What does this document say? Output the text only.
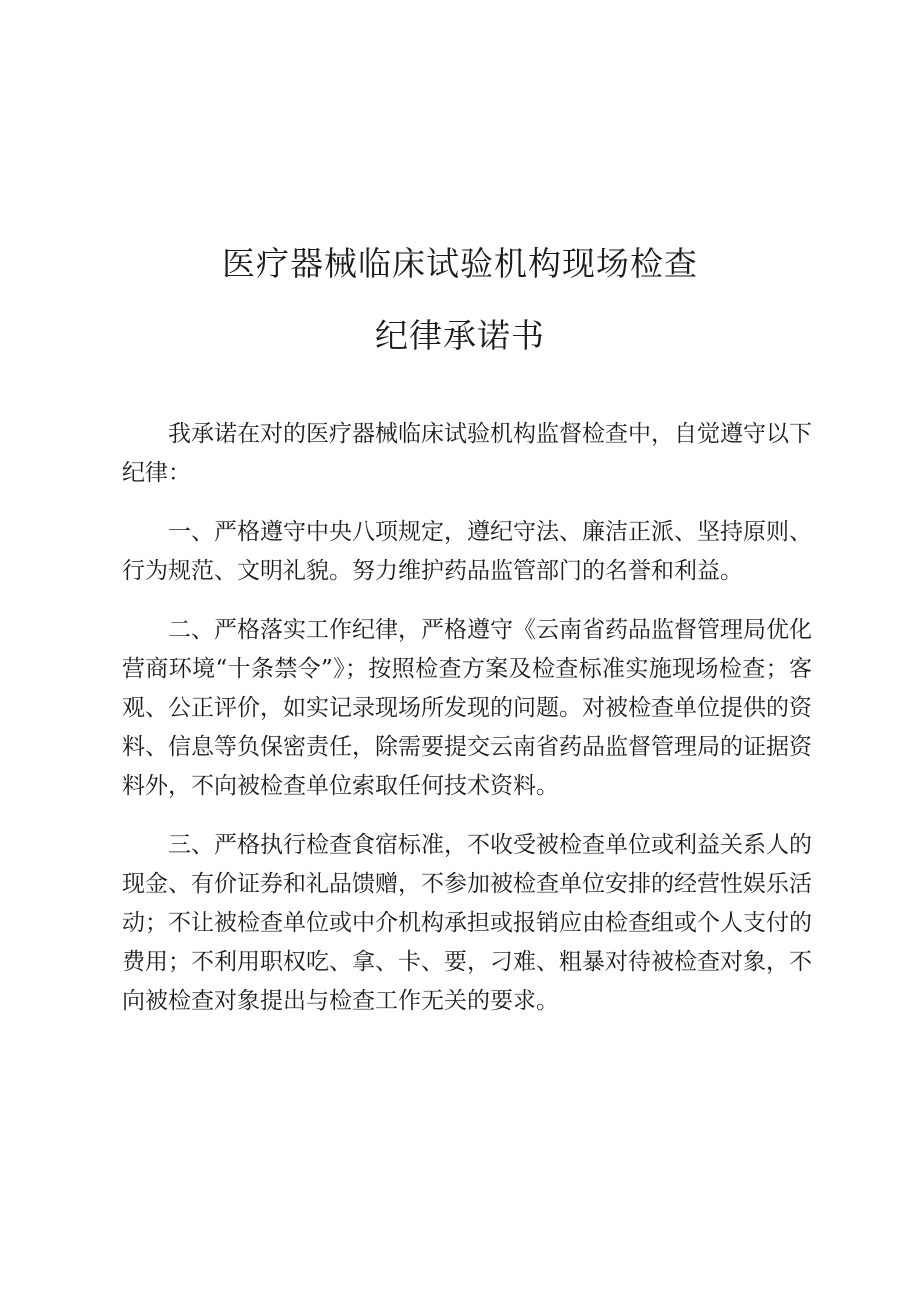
医疗器械临床试验机构现场检查
纪律承诺书

我承诺在对的医疗器械临床试验机构监督检查中，自觉遵守以下纪律：

一、严格遵守中央八项规定，遵纪守法、廉洁正派、坚持原则、行为规范、文明礼貌。努力维护药品监管部门的名誉和利益。

二、严格落实工作纪律，严格遵守《云南省药品监督管理局优化营商环境“十条禁令”》；按照检查方案及检查标准实施现场检查；客观、公正评价，如实记录现场所发现的问题。对被检查单位提供的资料、信息等负保密责任，除需要提交云南省药品监督管理局的证据资料外，不向被检查单位索取任何技术资料。

三、严格执行检查食宿标准，不收受被检查单位或利益关系人的现金、有价证券和礼品馈赠，不参加被检查单位安排的经营性娱乐活动；不让被检查单位或中介机构承担或报销应由检查组或个人支付的费用；不利用职权吃、拿、卡、要，刁难、粗暴对待被检查对象，不向被检查对象提出与检查工作无关的要求。
